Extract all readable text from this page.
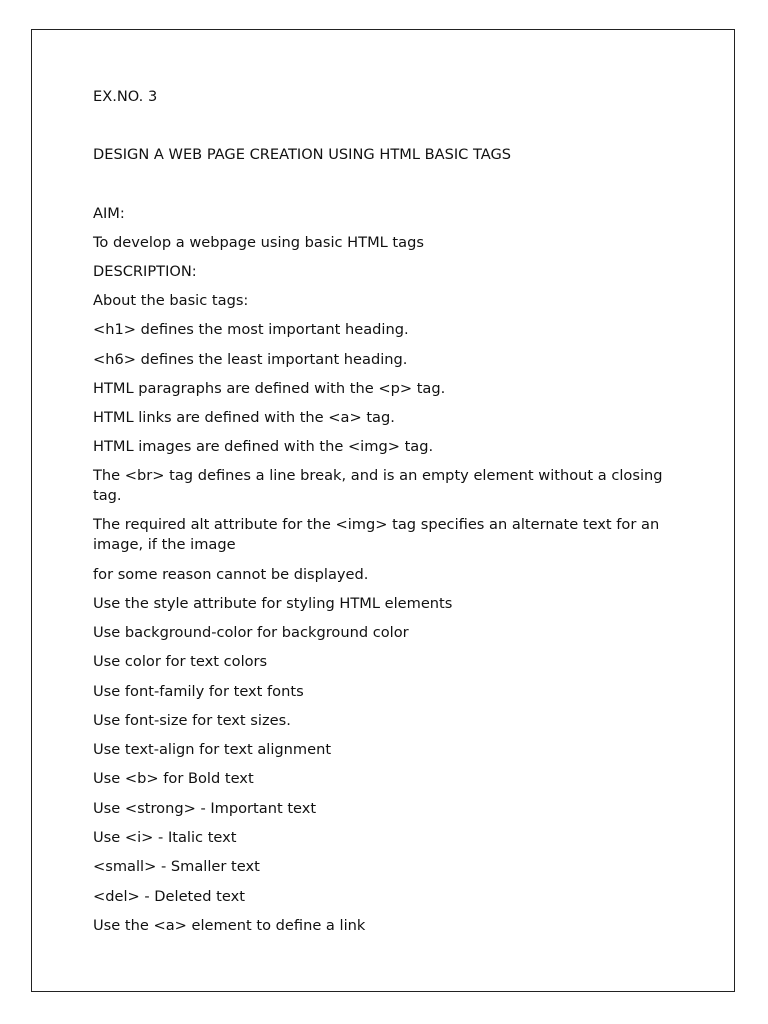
EX.NO. 3

DESIGN A WEB PAGE CREATION USING HTML BASIC TAGS

AIM:

To develop a webpage using basic HTML tags

DESCRIPTION:

About the basic tags:

<h1> defines the most important heading.

<h6> defines the least important heading.

HTML paragraphs are defined with the <p> tag.

HTML links are defined with the <a> tag.

HTML images are defined with the <img> tag.

The <br> tag defines a line break, and is an empty element without a closing tag.

The required alt attribute for the <img> tag specifies an alternate text for an image, if the image

for some reason cannot be displayed.

Use the style attribute for styling HTML elements

Use background-color for background color

Use color for text colors

Use font-family for text fonts

Use font-size for text sizes.

Use text-align for text alignment

Use <b> for Bold text

Use <strong> - Important text

Use <i> - Italic text

<small> - Smaller text

<del> - Deleted text

Use the <a> element to define a link
